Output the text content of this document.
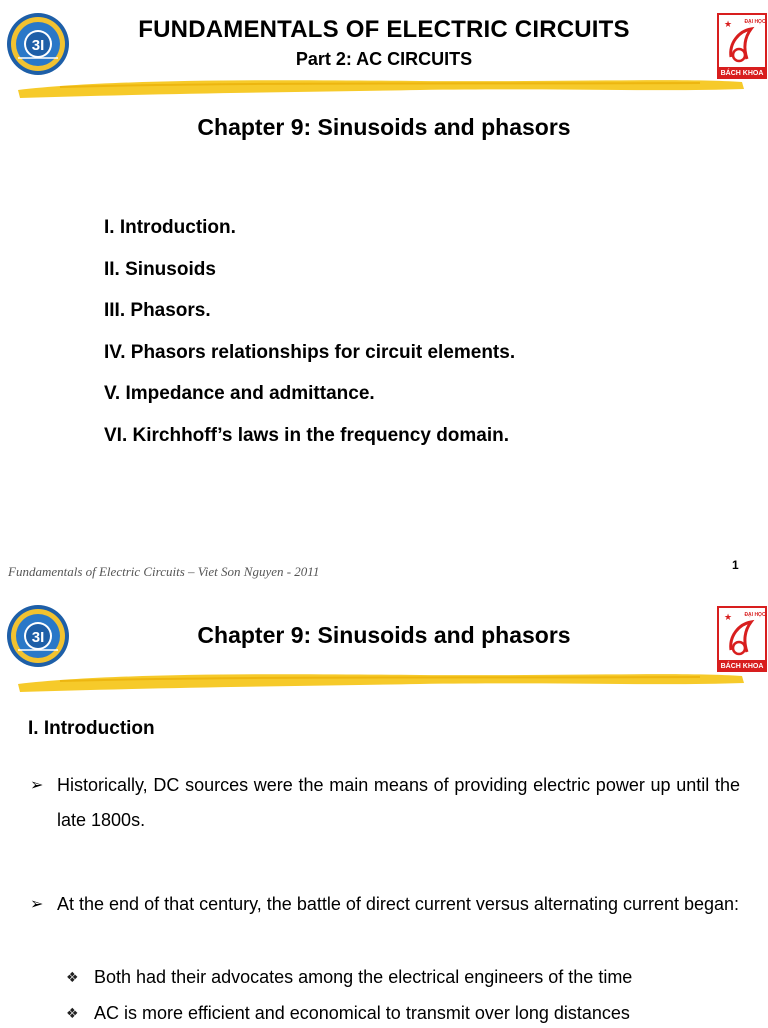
3I
★ ĐẠI HỌC
BÁCH KHOA
FUNDAMENTALS OF ELECTRIC CIRCUITS
Part 2: AC CIRCUITS
Chapter 9: Sinusoids and phasors
I. Introduction.
II. Sinusoids
III. Phasors.
IV. Phasors relationships for circuit elements.
V. Impedance and admittance.
VI. Kirchhoff’s laws in the frequency domain.
Fundamentals of Electric Circuits – Viet Son Nguyen - 2011	1
3I
★ ĐẠI HỌC
BÁCH KHOA
Chapter 9: Sinusoids and phasors
I. Introduction
➢ Historically, DC sources were the main means of providing electric power up until the late 1800s.
➢ At the end of that century, the battle of direct current versus alternating current began:
❖ Both had their advocates among the electrical engineers of the time
❖ AC is more efficient and economical to transmit over long distances
